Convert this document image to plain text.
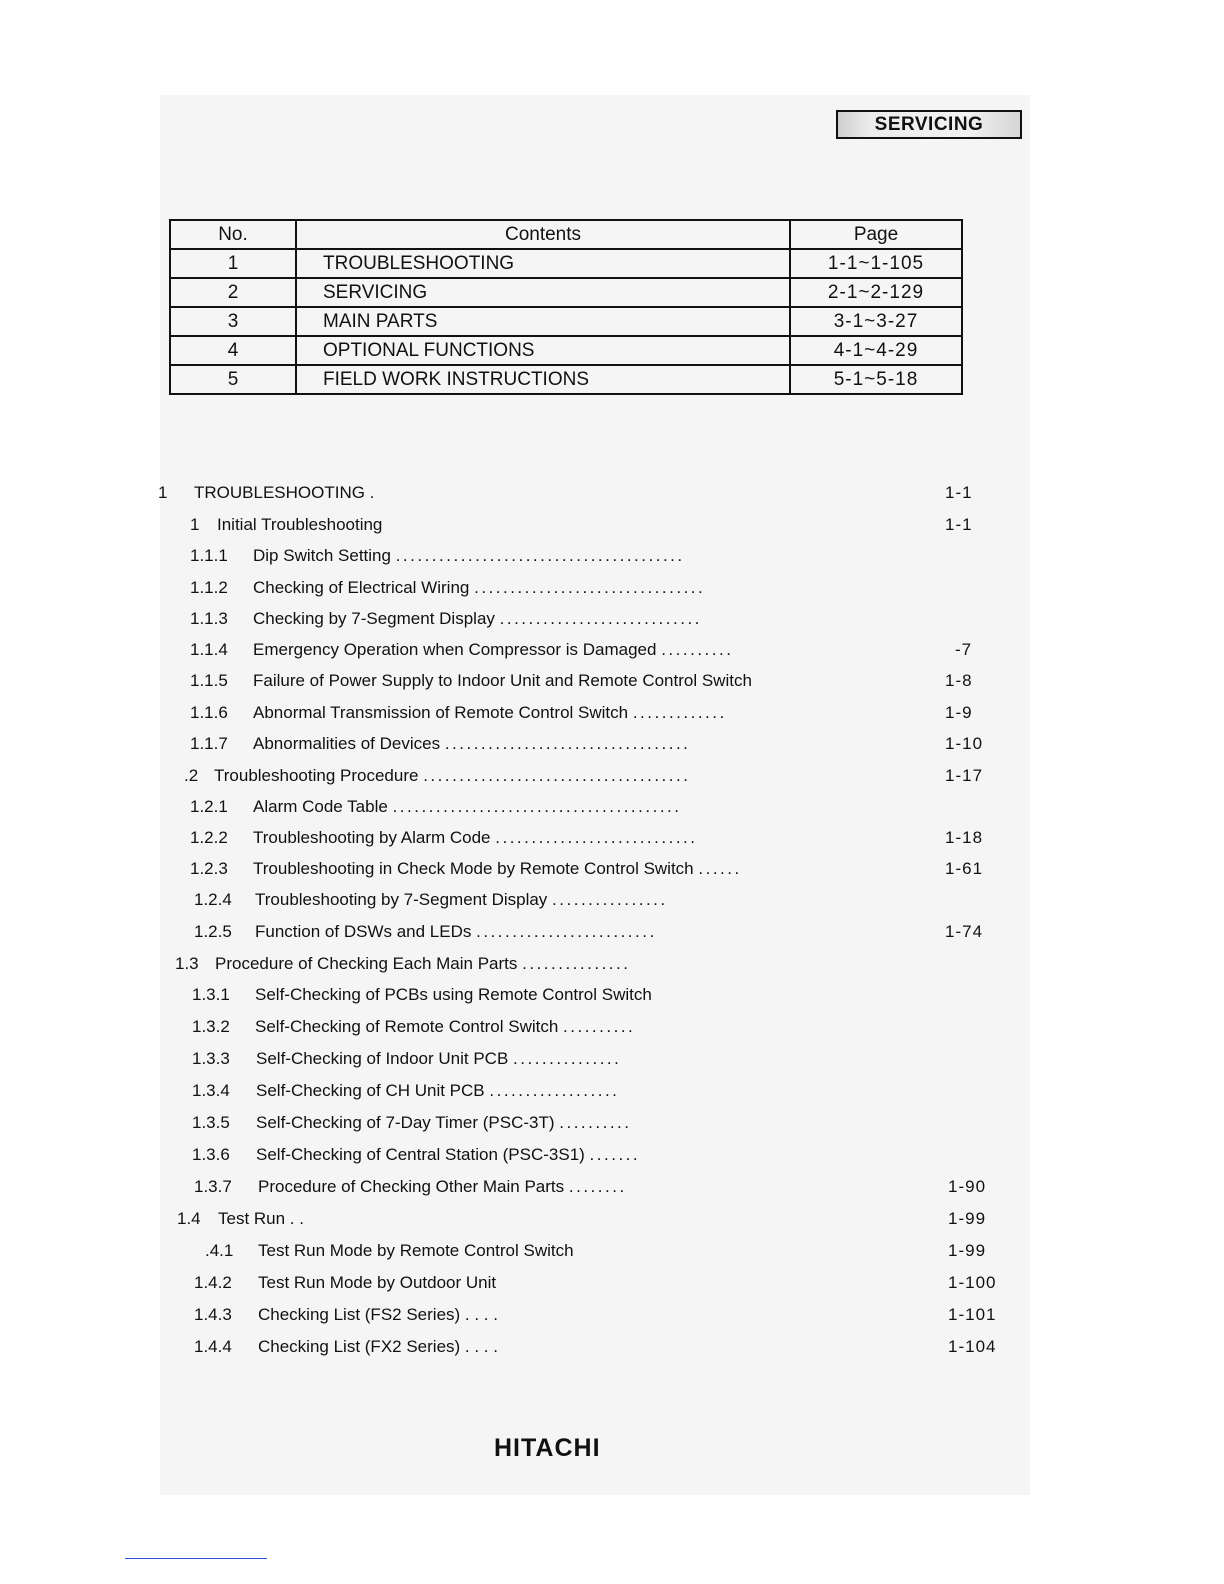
SERVICING
No.	Contents	Page
1	TROUBLESHOOTING	1-1~1-105
2	SERVICING	2-1~2-129
3	MAIN PARTS	3-1~3-27
4	OPTIONAL FUNCTIONS	4-1~4-29
5	FIELD WORK INSTRUCTIONS	5-1~5-18
1 TROUBLESHOOTING .	1-1
1 Initial Troubleshooting	1-1
1.1.1 Dip Switch Setting ........................................
1.1.2 Checking of Electrical Wiring ................................
1.1.3 Checking by 7-Segment Display ............................
1.1.4 Emergency Operation when Compressor is Damaged ..........	-7
1.1.5 Failure of Power Supply to Indoor Unit and Remote Control Switch	1-8
1.1.6 Abnormal Transmission of Remote Control Switch .............	1-9
1.1.7 Abnormalities of Devices ..................................	1-10
.2 Troubleshooting Procedure .....................................	1-17
1.2.1 Alarm Code Table ........................................
1.2.2 Troubleshooting by Alarm Code ............................	1-18
1.2.3 Troubleshooting in Check Mode by Remote Control Switch ......	1-61
1.2.4 Troubleshooting by 7-Segment Display ................
1.2.5 Function of DSWs and LEDs .........................	1-74
1.3 Procedure of Checking Each Main Parts ...............
1.3.1 Self-Checking of PCBs using Remote Control Switch
1.3.2 Self-Checking of Remote Control Switch ..........
1.3.3 Self-Checking of Indoor Unit PCB ...............
1.3.4 Self-Checking of CH Unit PCB ..................
1.3.5 Self-Checking of 7-Day Timer (PSC-3T) ..........
1.3.6 Self-Checking of Central Station (PSC-3S1) .......
1.3.7 Procedure of Checking Other Main Parts ........	1-90
1.4 Test Run . .	1-99
.4.1 Test Run Mode by Remote Control Switch	1-99
1.4.2 Test Run Mode by Outdoor Unit	1-100
1.4.3 Checking List (FS2 Series) . . . .	1-101
1.4.4 Checking List (FX2 Series) . . . .	1-104
HITACHI
